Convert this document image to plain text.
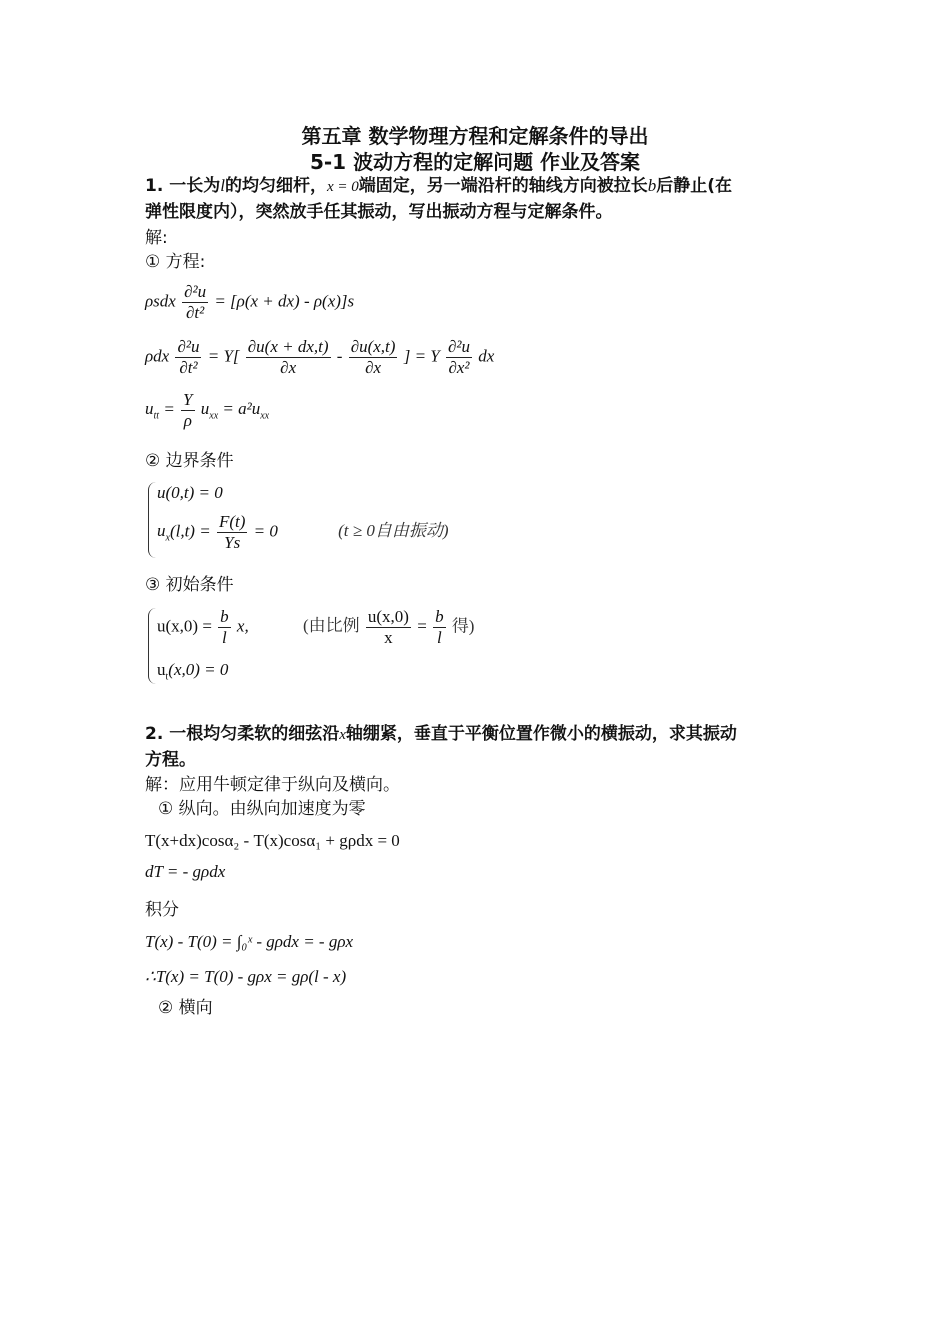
第五章 数学物理方程和定解条件的导出
5-1 波动方程的定解问题 作业及答案
1. 一长为l的均匀细杆，x = 0端固定，另一端沿杆的轴线方向被拉长b后静止(在
弹性限度内），突然放手任其振动，写出振动方程与定解条件。
解:
① 方程:
ρsdx $\frac{\text{∂²u}}{\text{∂t²}} = [\rho(x + dx) - \rho(x)]s$
ρdx $\frac{\text{∂²u}}{\text{∂t²}} = Y[ \frac{\partial u(x + dx,t)}{\partial x} - \frac{\partial u(x,t)}{\partial x}$ ] = Y $\frac{\text{∂²u}}{\text{∂x²}}$ dx
$u_{tt} = \frac{Y}{\rho} u_{xx} = a^2u_{xx}$
② 边界条件
u(0,t) = 0
$u_x(l,t) = \frac{F(t)}{Ys} = 0$	(t ≥ 0自由振动)
③ 初始条件
$u(x,0) = \frac{b}{l} x$,	(由比例 $\frac{u(x,0)}{x} = \frac{b}{l}$ 得)
$u_t(x,0) = 0$
2. 一根均匀柔软的细弦沿x轴绷紧，垂直于平衡位置作微小的横振动，求其振动
方程。
解：应用牛顿定律于纵向及横向。
① 纵向。由纵向加速度为零
T(x+dx)cosα₂ - T(x)cosα₁ + gρdx = 0
dT = - gρdx
积分
T(x) - T(0) = ∫₀ˣ - gρdx = - gρx
∴T(x) = T(0) - gρx = gρ(l - x)
② 横向
